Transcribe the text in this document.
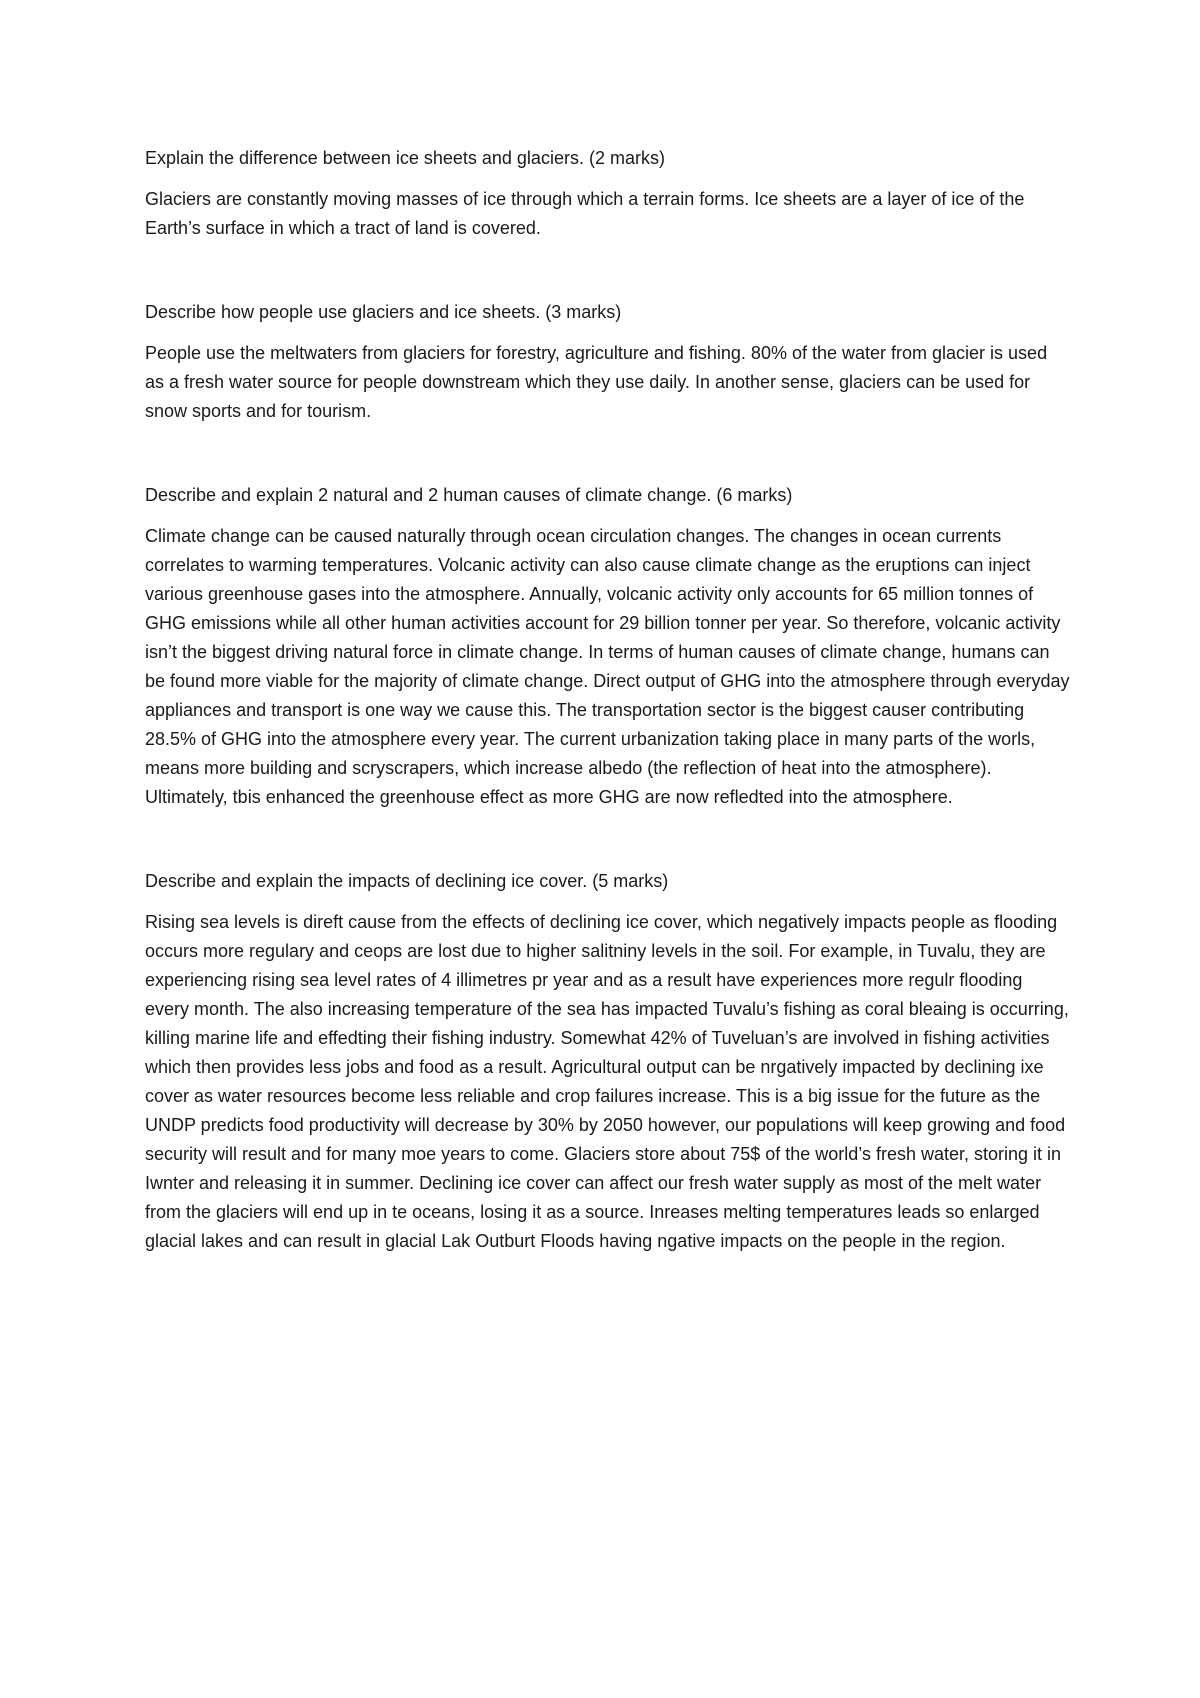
Explain the difference between ice sheets and glaciers. (2 marks)

Glaciers are constantly moving masses of ice through which a terrain forms. Ice sheets are a layer of ice of the Earth’s surface in which a tract of land is covered.

Describe how people use glaciers and ice sheets. (3 marks)

People use the meltwaters from glaciers for forestry, agriculture and fishing. 80% of the water from glacier is used as a fresh water source for people downstream which they use daily. In another sense, glaciers can be used for snow sports and for tourism.

Describe and explain 2 natural and 2 human causes of climate change. (6 marks)

Climate change can be caused naturally through ocean circulation changes. The changes in ocean currents correlates to warming temperatures. Volcanic activity can also cause climate change as the eruptions can inject various greenhouse gases into the atmosphere. Annually, volcanic activity only accounts for 65 million tonnes of GHG emissions while all other human activities account for 29 billion tonner per year. So therefore, volcanic activity isn’t the biggest driving natural force in climate change. In terms of human causes of climate change, humans can be found more viable for the majority of climate change. Direct output of GHG into the atmosphere through everyday appliances and transport is one way we cause this. The transportation sector is the biggest causer contributing 28.5% of GHG into the atmosphere every year. The current urbanization taking place in many parts of the worls, means more building and scryscrapers, which increase albedo (the reflection of heat into the atmosphere). Ultimately, tbis enhanced the greenhouse effect as more GHG are now refledted into the atmosphere.

Describe and explain the impacts of declining ice cover. (5 marks)

Rising sea levels is direft cause from the effects of declining ice cover, which negatively impacts people as flooding occurs more regulary and ceops are lost due to higher salitniny levels in the soil. For example, in Tuvalu, they are experiencing rising sea level rates of 4 illimetres pr year and as a result have experiences more regulr flooding every month. The also increasing temperature of the sea has impacted Tuvalu’s fishing as coral bleaing is occurring, killing marine life and effedting their fishing industry. Somewhat 42% of Tuveluan’s are involved in fishing activities which then provides less jobs and food as a result. Agricultural output can be nrgatively impacted by declining ixe cover as water resources become less reliable and crop failures increase. This is a big issue for the future as the UNDP predicts food productivity will decrease by 30% by 2050 however, our populations will keep growing and food security will result and for many moe years to come. Glaciers store about 75$ of the world’s fresh water, storing it in Iwnter and releasing it in summer. Declining ice cover can affect our fresh water supply as most of the melt water from the glaciers will end up in te oceans, losing it as a source. Inreases melting temperatures leads so enlarged glacial lakes and can result in glacial Lak Outburt Floods having ngative impacts on the people in the region.
